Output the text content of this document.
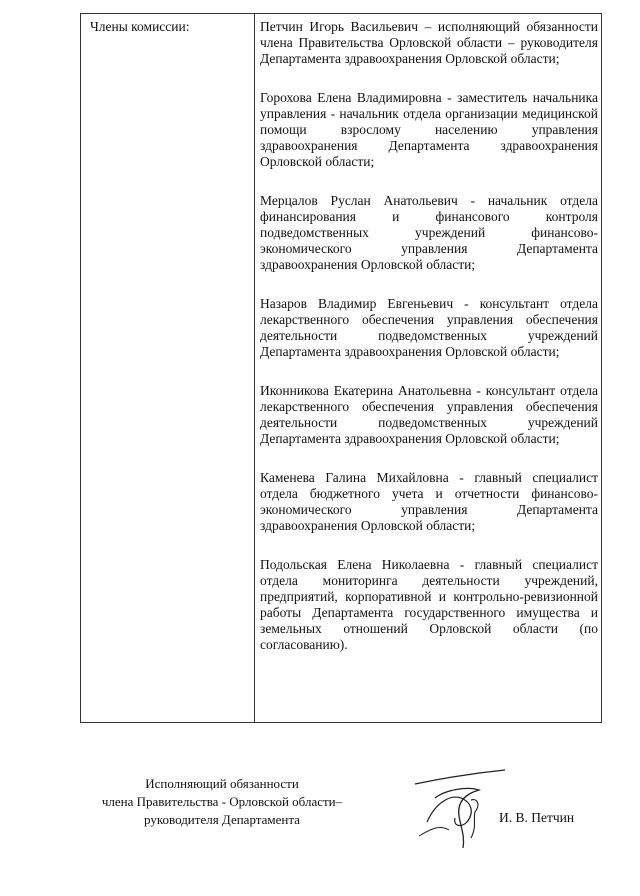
Члены комиссии:	Петчин Игорь Васильевич – исполняющий обязанности члена Правительства Орловской области – руководителя Департамента здравоохранения Орловской области;

Горохова Елена Владимировна - заместитель начальника управления - начальник отдела организации медицинской помощи взрослому населению управления здравоохранения Департамента здравоохранения Орловской области;

Мерцалов Руслан Анатольевич - начальник отдела финансирования и финансового контроля подведомственных учреждений финансово-экономического управления Департамента здравоохранения Орловской области;

Назаров Владимир Евгеньевич - консультант отдела лекарственного обеспечения управления обеспечения деятельности подведомственных учреждений Департамента здравоохранения Орловской области;

Иконникова Екатерина Анатольевна - консультант отдела лекарственного обеспечения управления обеспечения деятельности подведомственных учреждений Департамента здравоохранения Орловской области;

Каменева Галина Михайловна - главный специалист отдела бюджетного учета и отчетности финансово-экономического управления Департамента здравоохранения Орловской области;

Подольская Елена Николаевна - главный специалист отдела мониторинга деятельности учреждений, предприятий, корпоративной и контрольно-ревизионной работы Департамента государственного имущества и земельных отношений Орловской области (по согласованию).

Исполняющий обязанности
члена Правительства - Орловской области–
руководителя Департамента	И. В. Петчин
